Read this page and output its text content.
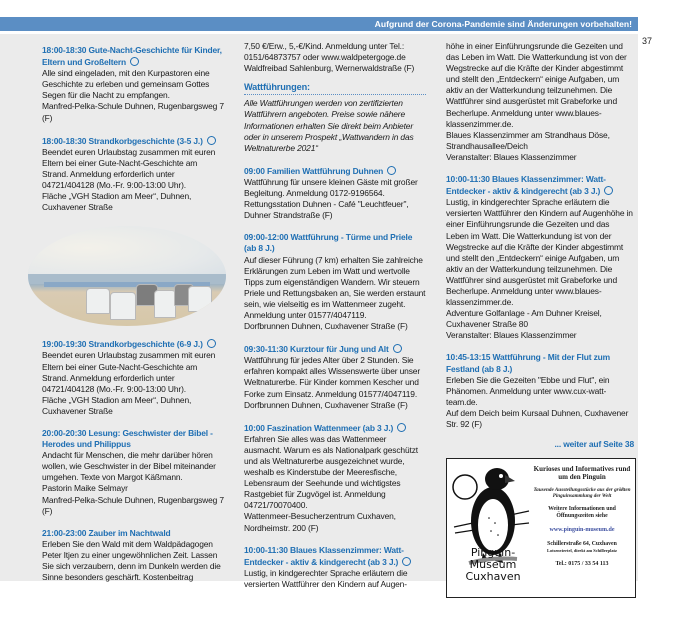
Aufgrund der Corona-Pandemie sind Änderungen vorbehalten!
37
18:00-18:30 Gute-Nacht-Geschichte für Kinder, Eltern und Großeltern
Alle sind eingeladen, mit den Kurpastoren eine Geschichte zu erleben und gemeinsam Gottes Segen für die Nacht zu empfangen.
Manfred-Pelka-Schule Duhnen, Rugenbargsweg 7 (F)
18:00-18:30 Strandkorbgeschichte (3-5 J.)
Beendet euren Urlaubstag zusammen mit euren Eltern bei einer Gute-Nacht-Geschichte am Strand. Anmeldung erforderlich unter 04721/404128 (Mo.-Fr. 9:00-13:00 Uhr).
Fläche „VGH Stadion am Meer“, Duhnen, Cuxhavener Straße
19:00-19:30 Strandkorbgeschichte (6-9 J.)
Beendet euren Urlaubstag zusammen mit euren Eltern bei einer Gute-Nacht-Geschichte am Strand. Anmeldung erforderlich unter 04721/404128 (Mo.-Fr. 9:00-13:00 Uhr).
Fläche „VGH Stadion am Meer“, Duhnen, Cuxhavener Straße
20:00-20:30 Lesung: Geschwister der Bibel - Herodes und Philippus
Andacht für Menschen, die mehr darüber hören wollen, wie Geschwister in der Bibel miteinander umgehen. Texte von Margot Käßmann.
Pastorin Maike Selmayr
Manfred-Pelka-Schule Duhnen, Rugenbargsweg 7 (F)
21:00-23:00 Zauber im Nachtwald
Erleben Sie den Wald mit dem Waldpädagogen Peter Itjen zu einer ungewöhnlichen Zeit. Lassen Sie sich verzaubern, denn im Dunkeln werden die Sinne besonders geschärft. Kostenbeitrag
7,50 €/Erw., 5,-€/Kind. Anmeldung unter Tel.: 0151/64873757 oder www.waldpetergoge.de
Waldfreibad Sahlenburg, Wernerwaldstraße (F)
Wattführungen:
Alle Wattführungen werden von zertifizierten Wattführern angeboten. Preise sowie nähere Informationen erhalten Sie direkt beim Anbieter oder in unserem Prospekt „Wattwandern in das Weltnaturerbe 2021“
09:00 Familien Wattführung Duhnen
Wattführung für unsere kleinen Gäste mit großer Begleitung. Anmeldung 0172-9196564.
Rettungsstation Duhnen - Café "Leuchtfeuer", Duhner Strandstraße (F)
09:00-12:00 Wattführung - Türme und Priele (ab 8 J.)
Auf dieser Führung (7 km) erhalten Sie zahlreiche Erklärungen zum Leben im Watt und wertvolle Tipps zum eigenständigen Wandern. Wir steuern Priele und Rettungsbaken an, Sie werden erstaunt sein, wie vielseitig es im Wattenmeer zugeht. Anmeldung unter 01577/4047119.
Dorfbrunnen Duhnen, Cuxhavener Straße (F)
09:30-11:30 Kurztour für Jung und Alt
Wattführung für jedes Alter über 2 Stunden. Sie erfahren kompakt alles Wissenswerte über unser Weltnaturerbe. Für Kinder kommen Kescher und Forke zum Einsatz. Anmeldung 01577/4047119.
Dorfbrunnen Duhnen, Cuxhavener Straße (F)
10:00 Faszination Wattenmeer (ab 3 J.)
Erfahren Sie alles was das Wattenmeer ausmacht. Warum es als Nationalpark geschützt und als Weltnaturerbe ausgezeichnet wurde, weshalb es Kinderstube der Meeresfische, Lebensraum der Seehunde und wichtigstes Rastgebiet für Zugvögel ist. Anmeldung 04721/70070400.
Wattenmeer-Besucherzentrum Cuxhaven, Nordheimstr. 200 (F)
10:00-11:30 Blaues Klassenzimmer: Watt-Entdecker - aktiv & kindgerecht (ab 3 J.)
Lustig, in kindgerechter Sprache erläutern die versierten Wattführer den Kindern auf Augen-
höhe in einer Einführungsrunde die Gezeiten und das Leben im Watt. Die Watterkundung ist von der Wegstrecke auf die Kräfte der Kinder abgestimmt und stellt den „Entdeckern“ einige Aufgaben, um aktiv an der Watterkundung teilzunehmen. Die Wattführer sind ausgerüstet mit Grabeforke und Becherlupe. Anmeldung unter www.blaues-klassenzimmer.de.
Blaues Klassenzimmer am Strandhaus Döse, Strandhausallee/Deich
Veranstalter: Blaues Klassenzimmer
10:00-11:30 Blaues Klassenzimmer: Watt-Entdecker - aktiv & kindgerecht (ab 3 J.)
Lustig, in kindgerechter Sprache erläutern die versierten Wattführer den Kindern auf Augenhöhe in einer Einführungsrunde die Gezeiten und das Leben im Watt. Die Watterkundung ist von der Wegstrecke auf die Kräfte der Kinder abgestimmt und stellt den „Entdeckern“ einige Aufgaben, um aktiv an der Watterkundung teilzunehmen. Die Wattführer sind ausgerüstet mit Grabeforke und Becherlupe. Anmeldung unter www.blaues-klassenzimmer.de.
Adventure Golfanlage - Am Duhner Kreisel, Cuxhavener Straße 80
Veranstalter: Blaues Klassenzimmer
10:45-13:15 Wattführung - Mit der Flut zum Festland (ab 8 J.)
Erleben Sie die Gezeiten "Ebbe und Flut", ein Phänomen. Anmeldung unter www.cux-watt-team.de.
Auf dem Deich beim Kursaal Duhnen, Cuxhavener Str. 92 (F)
... weiter auf Seite 38
Pinguin-
Museum
Cuxhaven
Kurioses und Informatives rund um den Pinguin
Tausende Ausstellungsstücke aus der größten Pinguinsammlung der Welt
Weitere Informationen und Öffnungszeiten siehe
www.pinguin-museum.de
Schillerstraße 64, Cuxhaven
Lotsenviertel, direkt am Schillerplatz
Tel.: 0175 / 33 54 113
